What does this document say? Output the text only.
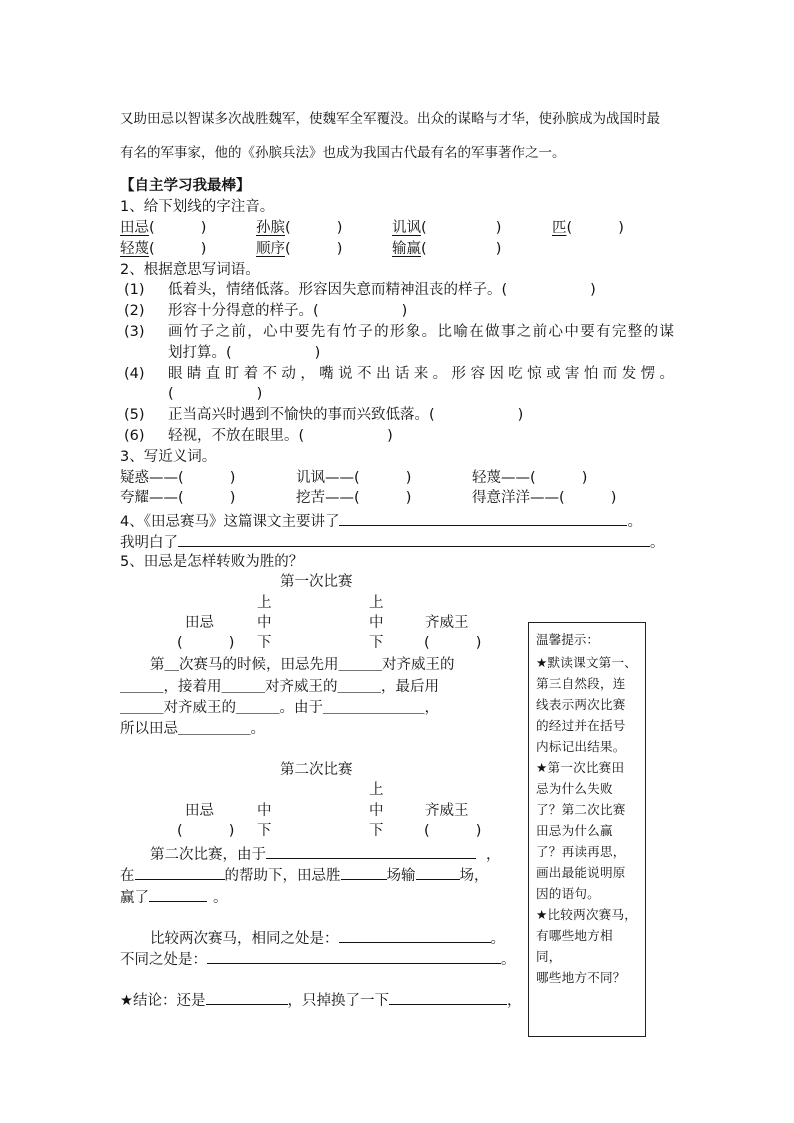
又助田忌以智谋多次战胜魏军，使魏军全军覆没。出众的谋略与才华，使孙膑成为战国时最
有名的军事家，他的《孙膑兵法》也成为我国古代最有名的军事著作之一。
【自主学习我最棒】
1、给下划线的字注音。
田忌(          )	孙膑(          )	讥讽(               )	匹(          )
轻蔑(          )	顺序(          )	输赢(               )
2、根据意思写词语。
(1) 低着头，情绪低落。形容因失意而精神沮丧的样子。(                  )
(2) 形容十分得意的样子。(                  )
(3) 画竹子之前，心中要先有竹子的形象。比喻在做事之前心中要有完整的谋
划打算。(                  )
(4) 眼睛直盯着不动，嘴说不出话来。形容因吃惊或害怕而发愣。
(                  )
(5) 正当高兴时遇到不愉快的事而兴致低落。(                  )
(6) 轻视，不放在眼里。(                  )
3、写近义词。
疑惑——(          )	讥讽——(          )	轻蔑——(          )
夸耀——(          )	挖苦——(          )	得意洋洋——(          )
4、《田忌赛马》这篇课文主要讲了	。
我明白了	。
5、田忌是怎样转败为胜的？
第一次比赛
上	上
田忌	中	中	齐威王
(          ) 下	下	(          )
第＿次赛马的时候，田忌先用＿＿＿对齐威王的
＿＿＿，接着用＿＿＿对齐威王的＿＿＿，最后用
＿＿＿对齐威王的＿＿＿。由于＿＿＿＿＿＿＿，
所以田忌＿＿＿＿＿。
第二次比赛
上
田忌	中	中	齐威王
(          ) 下	下	(          )
第二次比赛，由于	，
在	的帮助下，田忌胜	场输	场，
赢了	。
比较两次赛马，相同之处是：	。
不同之处是：	。
★结论：还是	，只掉换了一下	，

温馨提示：

★默读课文第一、
第三自然段，连
线表示两次比赛
的经过并在括号
内标记出结果。
★第一次比赛田
忌为什么失败
了？第二次比赛
田忌为什么赢
了？再读再思，
画出最能说明原
因的语句。
★比较两次赛马，
有哪些地方相同，
哪些地方不同？
